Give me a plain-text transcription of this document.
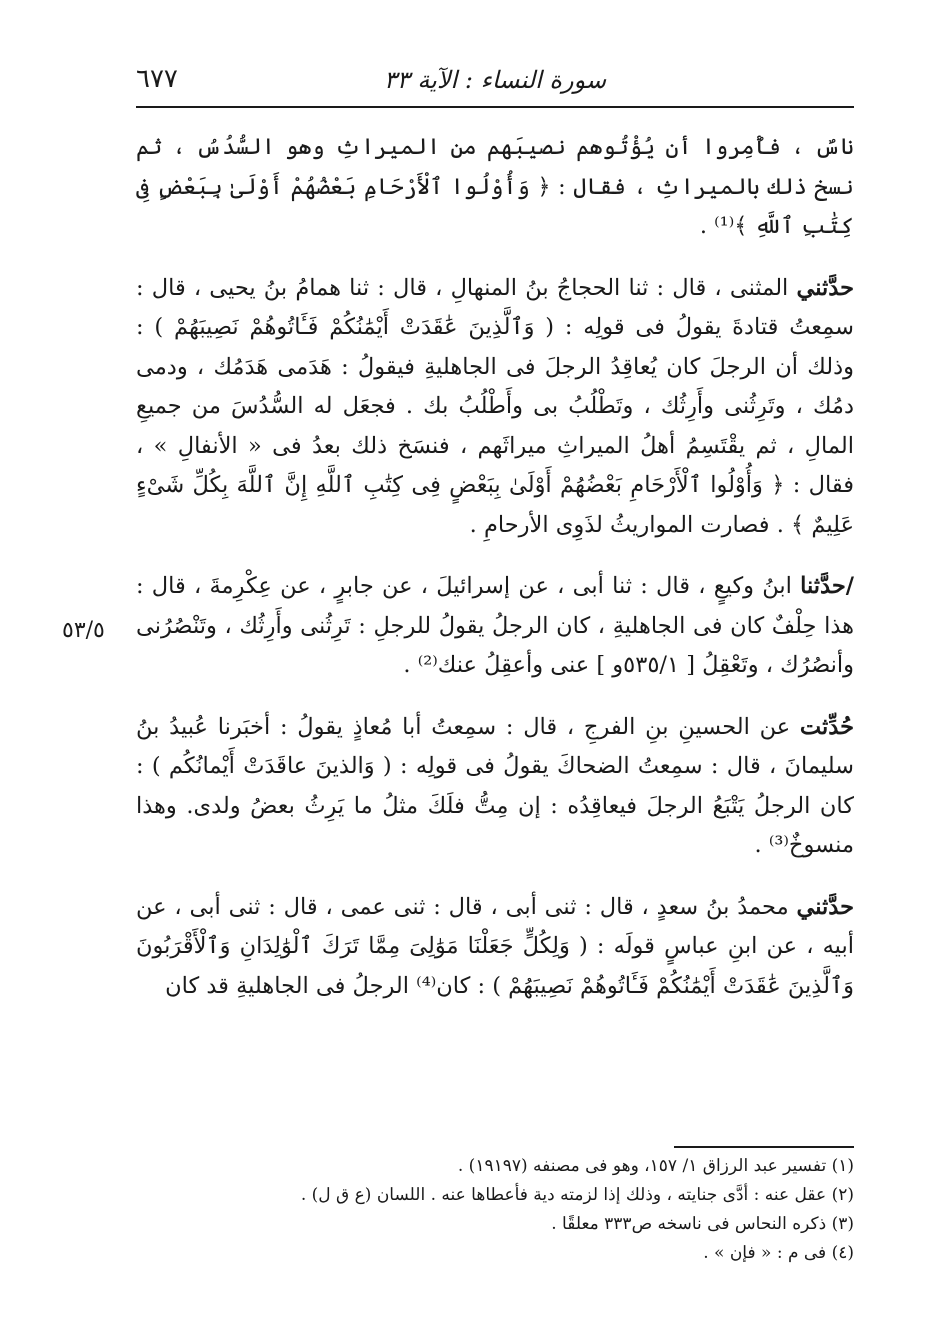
٦٧٧	سورة النساء : الآية ٣٣

ناسٌ ، فأُمِروا أن يُؤْتُوهم نصيبَهم من الميراثِ وهو السُّدُسُ ، ثم نسخ ذلك بالميراثِ ، فقال : ﴿ وَأُوْلُوا ٱلْأَرْحَامِ بَعْضُهُمْ أَوْلَىٰ بِبَعْضٍ فِى كِتَٰبِ ٱللَّهِ ﴾⁽¹⁾ .

حدَّثني المثنى ، قال : ثنا الحجاجُ بنُ المنهالِ ، قال : ثنا همامُ بنُ يحيى ، قال : سمِعتُ قتادةَ يقولُ فى قولِه : ( وَٱلَّذِينَ عَٰقَدَتْ أَيْمَٰنُكُمْ فَـَٔاتُوهُمْ نَصِيبَهُمْ ) : وذلك أن الرجلَ كان يُعاقِدُ الرجلَ فى الجاهليةِ فيقولُ : هَدَمى هَدَمُك ، ودمى دمُك ، وتَرِثُنى وأَرِثُك ، وتَطْلُبُ بى وأَطْلُبُ بك . فجعَل له السُّدُسَ من جميعِ المالِ ، ثم يقْتَسِمُ أهلُ الميراثِ ميراثَهم ، فنسَخ ذلك بعدُ فى « الأنفالِ » ، فقال : ﴿ وَأُوْلُوا ٱلْأَرْحَامِ بَعْضُهُمْ أَوْلَىٰ بِبَعْضٍ فِى كِتَٰبِ ٱللَّهِ إِنَّ ٱللَّهَ بِكُلِّ شَىْءٍ عَلِيمٌ ﴾ . فصارت المواريثُ لذَوِى الأرحامِ .

/حدَّثنا ابنُ وكيعٍ ، قال : ثنا أبى ، عن إسرائيلَ ، عن جابرٍ ، عن عِكْرِمةَ ، قال : هذا حِلْفٌ كان فى الجاهليةِ ، كان الرجلُ يقولُ للرجلِ : تَرِثُنى وأَرِثُك ، وتَنْصُرُنى وأنصُرُك ، وتَعْقِلُ [ ٥٣٥/١و ] عنى وأعقِلُ عنك⁽²⁾ .

حُدِّثت عن الحسينِ بنِ الفرجِ ، قال : سمِعتُ أبا مُعاذٍ يقولُ : أخبَرنا عُبيدُ بنُ سليمانَ ، قال : سمِعتُ الضحاكَ يقولُ فى قولِه : ( وَالذينَ عاقَدَتْ أَيْمانُكُم ) : كان الرجلُ يَتْبَعُ الرجلَ فيعاقِدُه : إن مِتُّ فلَكَ مثلُ ما يَرِثُ بعضُ ولدى. وهذا منسوخٌ⁽³⁾ .

حدَّثني محمدُ بنُ سعدٍ ، قال : ثنى أبى ، قال : ثنى عمى ، قال : ثنى أبى ، عن أبيه ، عن ابنِ عباسٍ قولَه : ( وَلِكُلٍّ جَعَلْنَا مَوَٰلِىَ مِمَّا تَرَكَ ٱلْوَٰلِدَانِ وَٱلْأَقْرَبُونَ وَٱلَّذِينَ عَٰقَدَتْ أَيْمَٰنُكُمْ فَـَٔاتُوهُمْ نَصِيبَهُمْ ) : كان⁽⁴⁾ الرجلُ فى الجاهليةِ قد كان

٥٣/٥
(١) تفسير عبد الرزاق ١/ ١٥٧، وهو فى مصنفه (١٩١٩٧) .
(٢) عقل عنه : أدَّى جنايته ، وذلك إذا لزمته دية فأعطاها عنه . اللسان (ع ق ل) .
(٣) ذكره النحاس فى ناسخه ص٣٣٣ معلقًا .
(٤) فى م : « فإن » .
